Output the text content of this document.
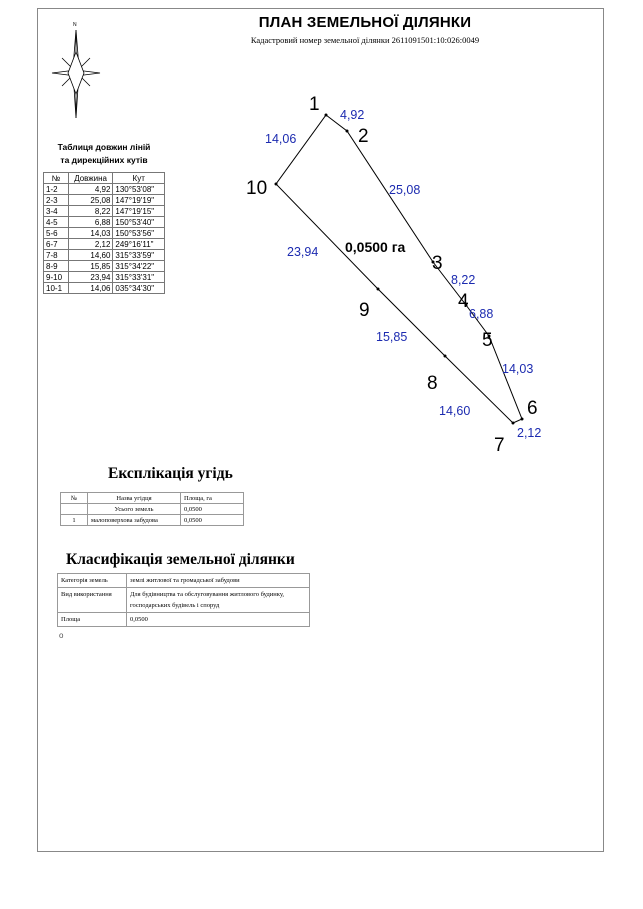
ПЛАН ЗЕМЕЛЬНОЇ ДІЛЯНКИ
Кадастровий номер земельної ділянки 2611091501:10:026:0049
N
1
2
3
4
5
6
7
8
9
10
4,92
25,08
8,22
6,88
14,03
2,12
14,60
15,85
23,94
14,06
0,0500 га
Таблиця довжин ліній
та дирекційних кутів
№	Довжина	Кут
1-2	4,92	130°53'08"
2-3	25,08	147°19'19"
3-4	8,22	147°19'15"
4-5	6,88	150°53'40"
5-6	14,03	150°53'56"
6-7	2,12	249°16'11"
7-8	14,60	315°33'59"
8-9	15,85	315°34'22"
9-10	23,94	315°33'31"
10-1	14,06	035°34'30"
Експлікація угідь
№	Назва угідця	Площа, га
	Усього земель	0,0500
1	малоповерхова забудова	0,0500
Класифікація земельної ділянки
Категорія земель	землі житлової та громадської забудови
Вид використання	Для будівництва та обслуговування житлового будинку, господарських будівель і споруд
Площа	0,0500
о
